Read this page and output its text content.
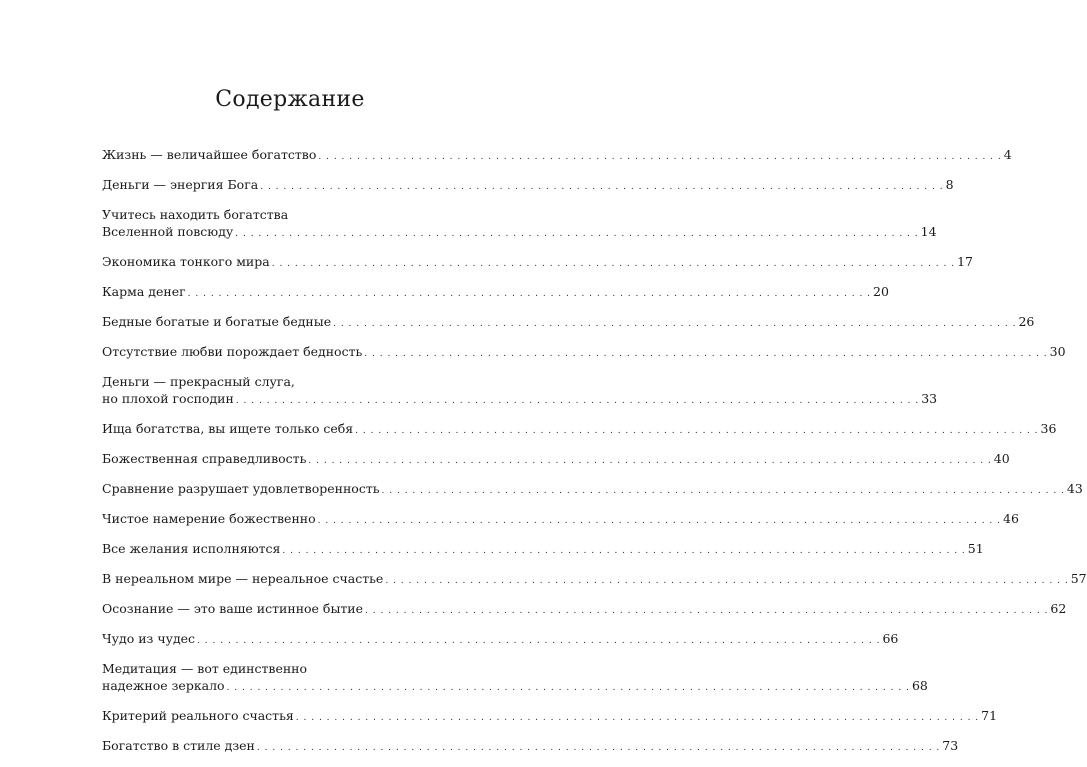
Содержание
Жизнь — величайшее богатство . . . . . . . . . . . . . . . . . . . . . . . . . . . . . . . . . . . . . . . . . . . . . . . . . . . . . . . . . . . . . . . . . . . . . . . . . . . . . . . . . . . . . . . . . 4
Деньги — энергия Бога . . . . . . . . . . . . . . . . . . . . . . . . . . . . . . . . . . . . . . . . . . . . . . . . . . . . . . . . . . . . . . . . . . . . . . . . . . . . . . . . . . . . . . . . . 8
Учитесь находить богатства
Вселенной повсюду . . . . . . . . . . . . . . . . . . . . . . . . . . . . . . . . . . . . . . . . . . . . . . . . . . . . . . . . . . . . . . . . . . . . . . . . . . . . . . . . . . . . . . . . . 14
Экономика тонкого мира . . . . . . . . . . . . . . . . . . . . . . . . . . . . . . . . . . . . . . . . . . . . . . . . . . . . . . . . . . . . . . . . . . . . . . . . . . . . . . . . . . . . . . . . . 17
Карма денег . . . . . . . . . . . . . . . . . . . . . . . . . . . . . . . . . . . . . . . . . . . . . . . . . . . . . . . . . . . . . . . . . . . . . . . . . . . . . . . . . . . . . . . . . 20
Бедные богатые и богатые бедные . . . . . . . . . . . . . . . . . . . . . . . . . . . . . . . . . . . . . . . . . . . . . . . . . . . . . . . . . . . . . . . . . . . . . . . . . . . . . . . . . . . . . . . . . 26
Отсутствие любви порождает бедность . . . . . . . . . . . . . . . . . . . . . . . . . . . . . . . . . . . . . . . . . . . . . . . . . . . . . . . . . . . . . . . . . . . . . . . . . . . . . . . . . . . . . . . . . 30
Деньги — прекрасный слуга,
но плохой господин . . . . . . . . . . . . . . . . . . . . . . . . . . . . . . . . . . . . . . . . . . . . . . . . . . . . . . . . . . . . . . . . . . . . . . . . . . . . . . . . . . . . . . . . . 33
Ища богатства, вы ищете только себя . . . . . . . . . . . . . . . . . . . . . . . . . . . . . . . . . . . . . . . . . . . . . . . . . . . . . . . . . . . . . . . . . . . . . . . . . . . . . . . . . . . . . . . . . 36
Божественная справедливость . . . . . . . . . . . . . . . . . . . . . . . . . . . . . . . . . . . . . . . . . . . . . . . . . . . . . . . . . . . . . . . . . . . . . . . . . . . . . . . . . . . . . . . . . 40
Сравнение разрушает удовлетворенность . . . . . . . . . . . . . . . . . . . . . . . . . . . . . . . . . . . . . . . . . . . . . . . . . . . . . . . . . . . . . . . . . . . . . . . . . . . . . . . . . . . . . . . . . 43
Чистое намерение божественно . . . . . . . . . . . . . . . . . . . . . . . . . . . . . . . . . . . . . . . . . . . . . . . . . . . . . . . . . . . . . . . . . . . . . . . . . . . . . . . . . . . . . . . . . 46
Все желания исполняются . . . . . . . . . . . . . . . . . . . . . . . . . . . . . . . . . . . . . . . . . . . . . . . . . . . . . . . . . . . . . . . . . . . . . . . . . . . . . . . . . . . . . . . . . 51
В нереальном мире — нереальное счастье . . . . . . . . . . . . . . . . . . . . . . . . . . . . . . . . . . . . . . . . . . . . . . . . . . . . . . . . . . . . . . . . . . . . . . . . . . . . . . . . . . . . . . . . . 57
Осознание — это ваше истинное бытие . . . . . . . . . . . . . . . . . . . . . . . . . . . . . . . . . . . . . . . . . . . . . . . . . . . . . . . . . . . . . . . . . . . . . . . . . . . . . . . . . . . . . . . . . 62
Чудо из чудес . . . . . . . . . . . . . . . . . . . . . . . . . . . . . . . . . . . . . . . . . . . . . . . . . . . . . . . . . . . . . . . . . . . . . . . . . . . . . . . . . . . . . . . . . 66
Медитация — вот единственно
надежное зеркало . . . . . . . . . . . . . . . . . . . . . . . . . . . . . . . . . . . . . . . . . . . . . . . . . . . . . . . . . . . . . . . . . . . . . . . . . . . . . . . . . . . . . . . . . 68
Критерий реального счастья . . . . . . . . . . . . . . . . . . . . . . . . . . . . . . . . . . . . . . . . . . . . . . . . . . . . . . . . . . . . . . . . . . . . . . . . . . . . . . . . . . . . . . . . . 71
Богатство в стиле дзен . . . . . . . . . . . . . . . . . . . . . . . . . . . . . . . . . . . . . . . . . . . . . . . . . . . . . . . . . . . . . . . . . . . . . . . . . . . . . . . . . . . . . . . . . 73
